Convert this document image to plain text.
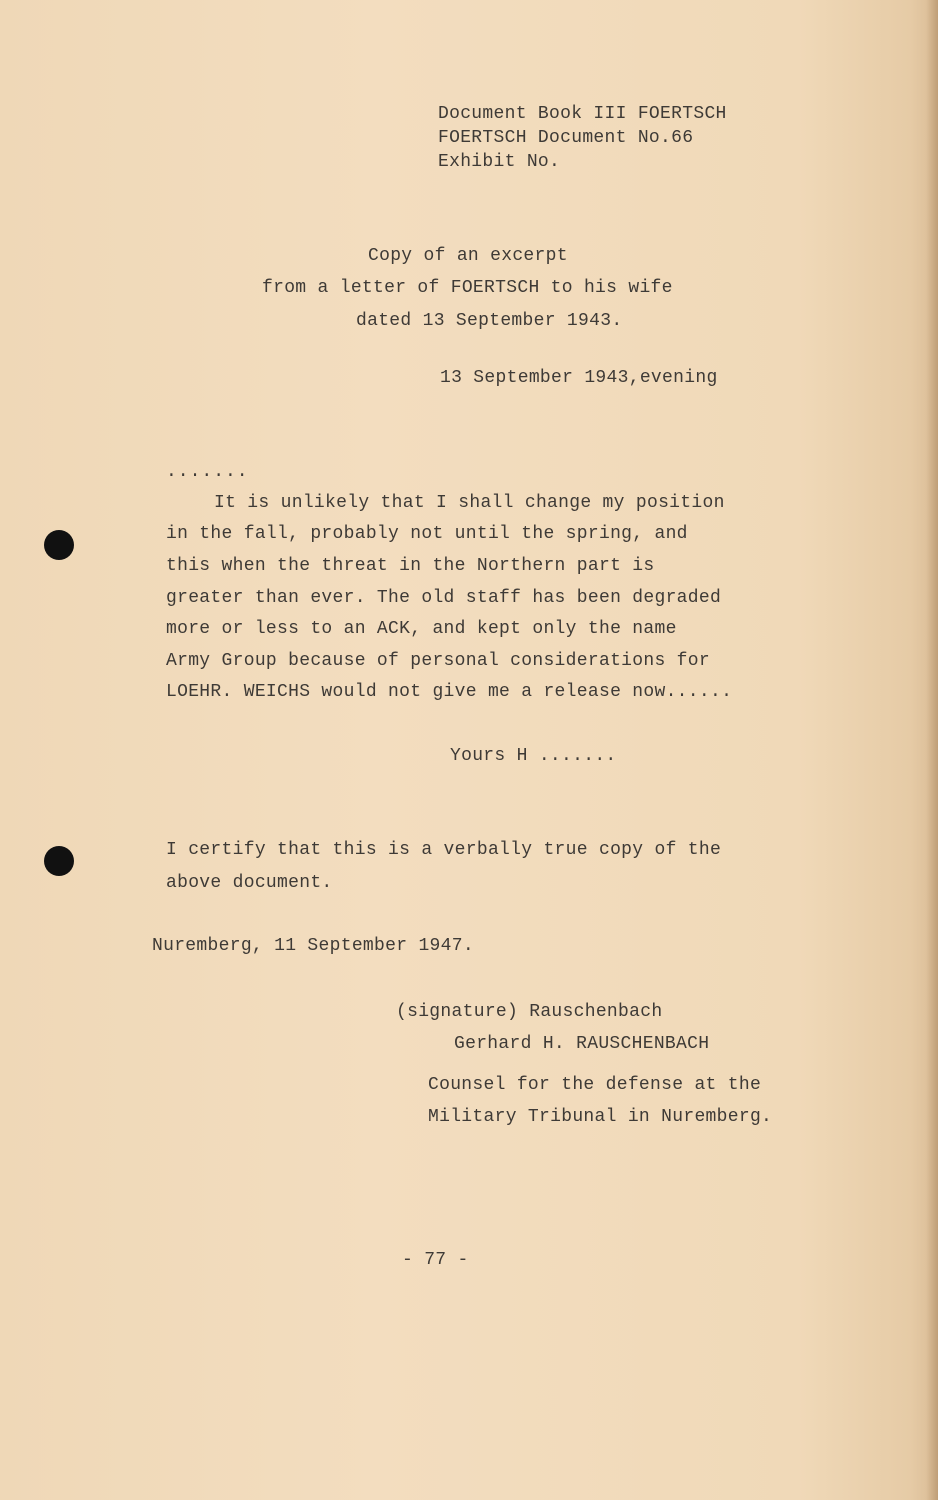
Document Book III FOERTSCH
FOERTSCH Document No.66
Exhibit No.
Copy of an excerpt
from a letter of FOERTSCH to his wife
dated 13 September 1943.
13 September 1943,evening
.......
It is unlikely that I shall change my position
in the fall, probably not until the spring, and
this when the threat in the Northern part is
greater than ever. The old staff has been degraded
more or less to an ACK, and kept only the name
Army Group because of personal considerations for
LOEHR. WEICHS would not give me a release now......
Yours H .......
I certify that this is a verbally true copy of the
above document.
Nuremberg, 11 September 1947.
(signature) Rauschenbach
Gerhard H. RAUSCHENBACH
Counsel for the defense at the
Military Tribunal in Nuremberg.
- 77 -
